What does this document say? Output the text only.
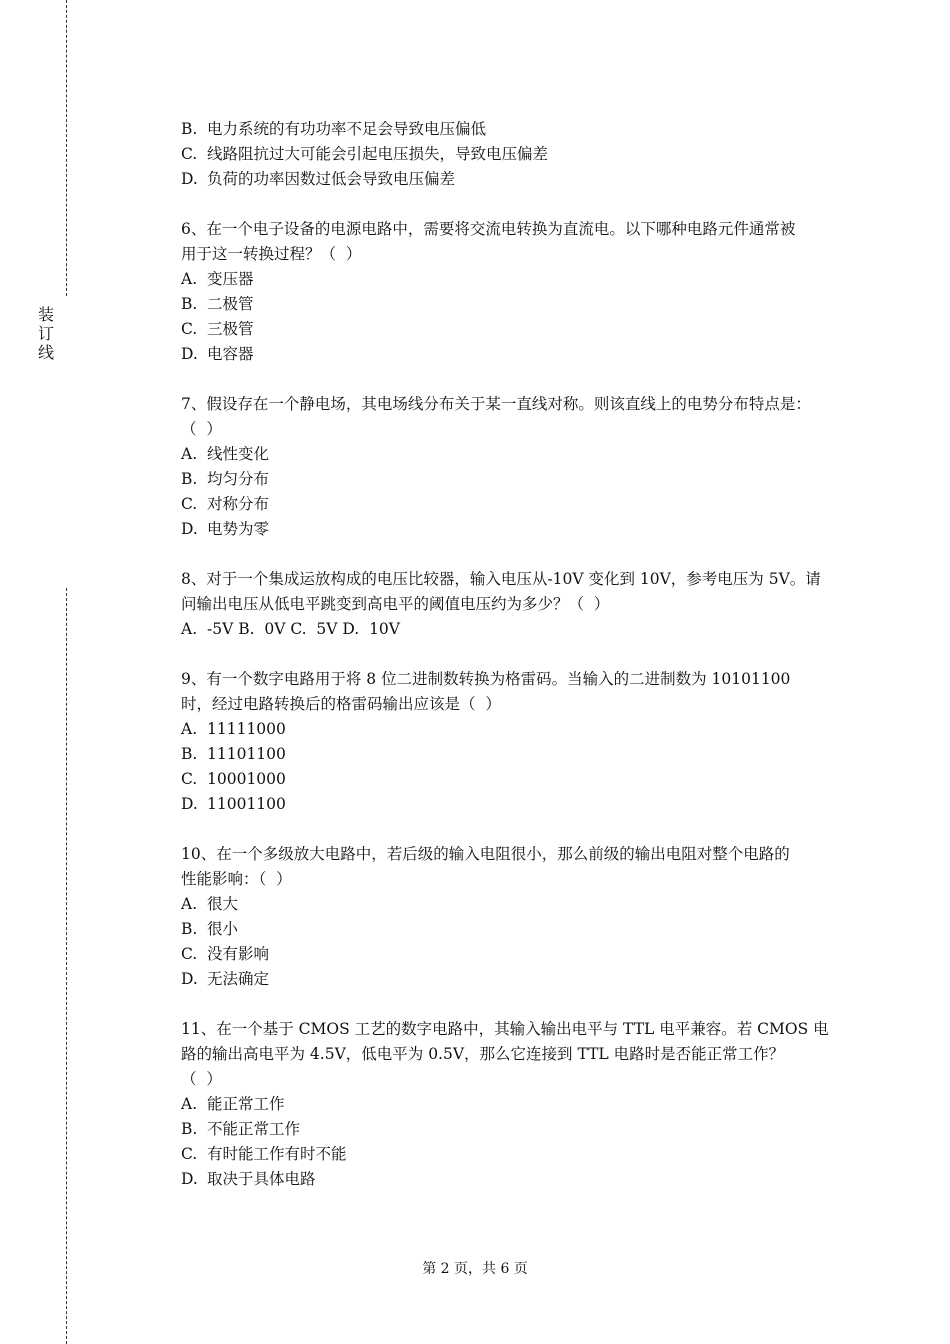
装
订
线
B. 电力系统的有功功率不足会导致电压偏低
C. 线路阻抗过大可能会引起电压损失，导致电压偏差
D. 负荷的功率因数过低会导致电压偏差
6、在一个电子设备的电源电路中，需要将交流电转换为直流电。以下哪种电路元件通常被
用于这一转换过程？（  ）
A. 变压器
B. 二极管
C. 三极管
D. 电容器
7、假设存在一个静电场，其电场线分布关于某一直线对称。则该直线上的电势分布特点是：
（  ）
A. 线性变化
B. 均匀分布
C. 对称分布
D. 电势为零
8、对于一个集成运放构成的电压比较器，输入电压从-10V 变化到 10V，参考电压为 5V。请
问输出电压从低电平跳变到高电平的阈值电压约为多少？（  ）
A.  -5V B.  0V C.  5V D.  10V
9、有一个数字电路用于将 8 位二进制数转换为格雷码。当输入的二进制数为 10101100
时，经过电路转换后的格雷码输出应该是（  ）
A. 11111000
B. 11101100
C. 10001000
D. 11001100
10、在一个多级放大电路中，若后级的输入电阻很小，那么前级的输出电阻对整个电路的
性能影响：（  ）
A. 很大
B. 很小
C. 没有影响
D. 无法确定
11、在一个基于 CMOS 工艺的数字电路中，其输入输出电平与 TTL 电平兼容。若 CMOS 电
路的输出高电平为 4.5V，低电平为 0.5V，那么它连接到 TTL 电路时是否能正常工作？
（  ）
A. 能正常工作
B. 不能正常工作
C. 有时能工作有时不能
D. 取决于具体电路
第 2 页，共 6 页
